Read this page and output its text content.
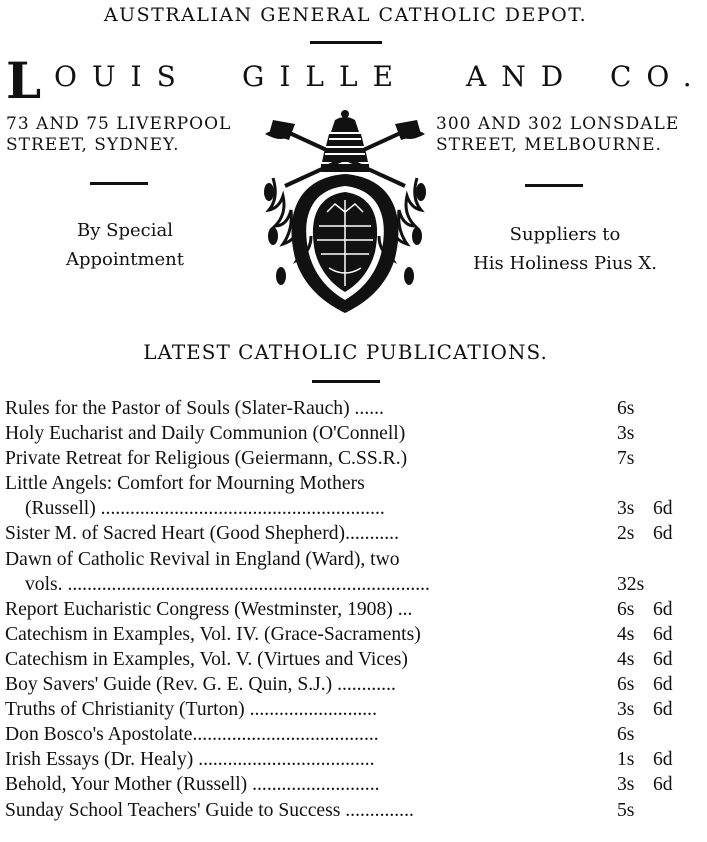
AUSTRALIAN GENERAL CATHOLIC DEPOT.
L OUIS GILLE AND CO.
73 AND 75 LIVERPOOL
STREET, SYDNEY.
300 AND 302 LONSDALE
STREET, MELBOURNE.
By Special
Appointment
Suppliers to
His Holiness Pius X.
LATEST CATHOLIC PUBLICATIONS.
Rules for the Pastor of Souls (Slater-Rauch) ......	6s
Holy Eucharist and Daily Communion (O'Connell)	3s
Private Retreat for Religious (Geiermann, C.SS.R.)	7s
Little Angels: Comfort for Mourning Mothers
(Russell) ..........................................................	3s 6d
Sister M. of Sacred Heart (Good Shepherd)...........	2s 6d
Dawn of Catholic Revival in England (Ward), two
vols. ..........................................................................	32s
Report Eucharistic Congress (Westminster, 1908) ...	6s 6d
Catechism in Examples, Vol. IV. (Grace-Sacraments)	4s 6d
Catechism in Examples, Vol. V. (Virtues and Vices)	4s 6d
Boy Savers' Guide (Rev. G. E. Quin, S.J.) ............	6s 6d
Truths of Christianity (Turton) ..........................	3s 6d
Don Bosco's Apostolate......................................	6s
Irish Essays (Dr. Healy) ....................................	1s 6d
Behold, Your Mother (Russell) ..........................	3s 6d
Sunday School Teachers' Guide to Success ..............	5s
